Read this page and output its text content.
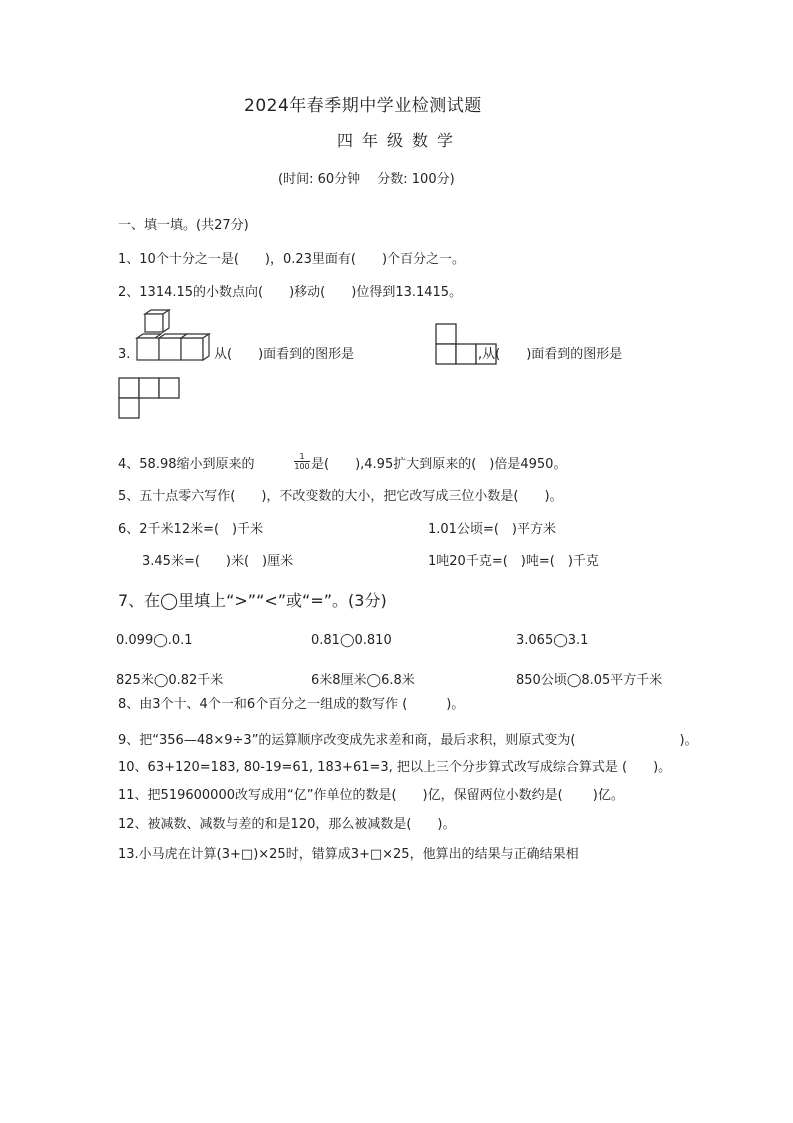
2024年春季期中学业检测试题
四年级数学
(时间: 60分钟　 分数: 100分)
一、填一填。(共27分)
1、10个十分之一是(　　)，0.23里面有(　　)个百分之一。
2、1314.15的小数点向(　　)移动(　　)位得到13.1415。
3.	从(　　)面看到的图形是	,从(　　)面看到的图形是
4、58.98缩小到原来的	$\frac{1}{100}$ 是(　　),4.95扩大到原来的(　)倍是4950。
5、五十点零六写作(　　)，不改变数的大小，把它改写成三位小数是(　　)。
6、2千米12米=(　)千米	1.01公顷=(　)平方米
3.45米=(　　)米(　)厘米	1吨20千克=(　)吨=(　)千克
7、在◯里填上“>”“<”或“=”。(3分)
0.099◯.0.1	0.81◯0.810	3.065◯3.1
825米◯0.82千米	6米8厘米◯6.8米	850公顷◯8.05平方千米
8、由3个十、4个一和6个百分之一组成的数写作 (　　　)。
9、把“356—48×9÷3”的运算顺序改变成先求差和商，最后求积，则原式变为(　　　　　　　　)。
10、63+120=183, 80-19=61, 183+61=3, 把以上三个分步算式改写成综合算式是 (　　)。
11、把519600000改写成用“亿”作单位的数是(　　)亿，保留两位小数约是(　　 )亿。
12、被减数、减数与差的和是120，那么被减数是(　　)。
13.小马虎在计算(3+□)×25时，错算成3+□×25，他算出的结果与正确结果相
